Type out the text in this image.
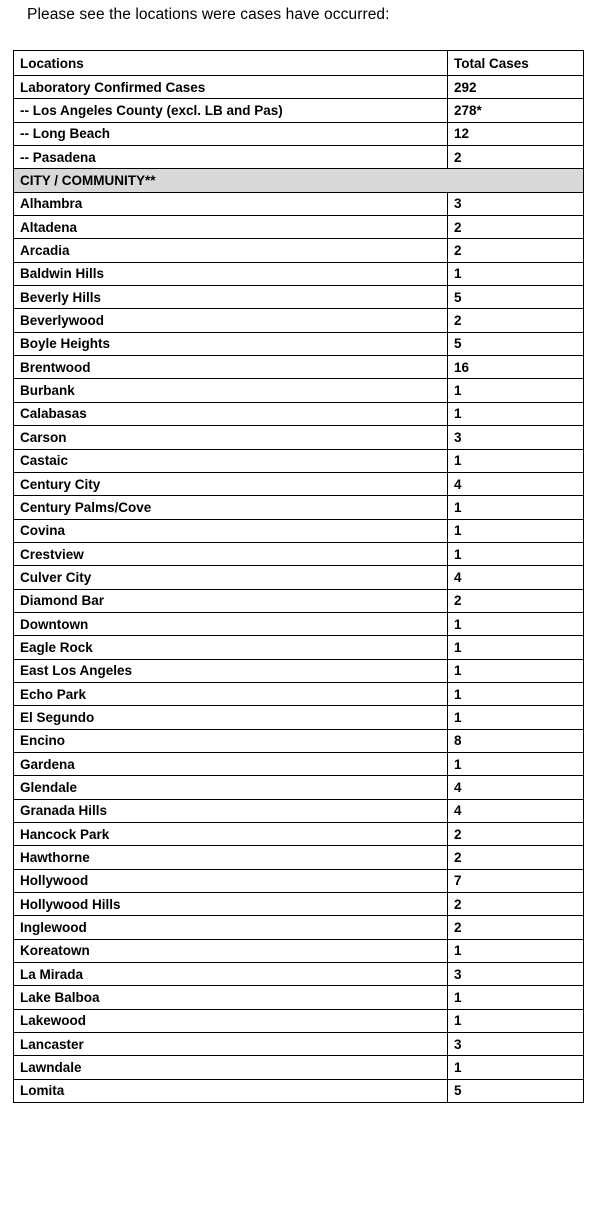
Please see the locations were cases have occurred:
Locations	Total Cases
Laboratory Confirmed Cases	292
-- Los Angeles County (excl. LB and Pas)	278*
-- Long Beach	12
-- Pasadena	2
CITY / COMMUNITY**	
Alhambra	3
Altadena	2
Arcadia	2
Baldwin Hills	1
Beverly Hills	5
Beverlywood	2
Boyle Heights	5
Brentwood	16
Burbank	1
Calabasas	1
Carson	3
Castaic	1
Century City	4
Century Palms/Cove	1
Covina	1
Crestview	1
Culver City	4
Diamond Bar	2
Downtown	1
Eagle Rock	1
East Los Angeles	1
Echo Park	1
El Segundo	1
Encino	8
Gardena	1
Glendale	4
Granada Hills	4
Hancock Park	2
Hawthorne	2
Hollywood	7
Hollywood Hills	2
Inglewood	2
Koreatown	1
La Mirada	3
Lake Balboa	1
Lakewood	1
Lancaster	3
Lawndale	1
Lomita	5
